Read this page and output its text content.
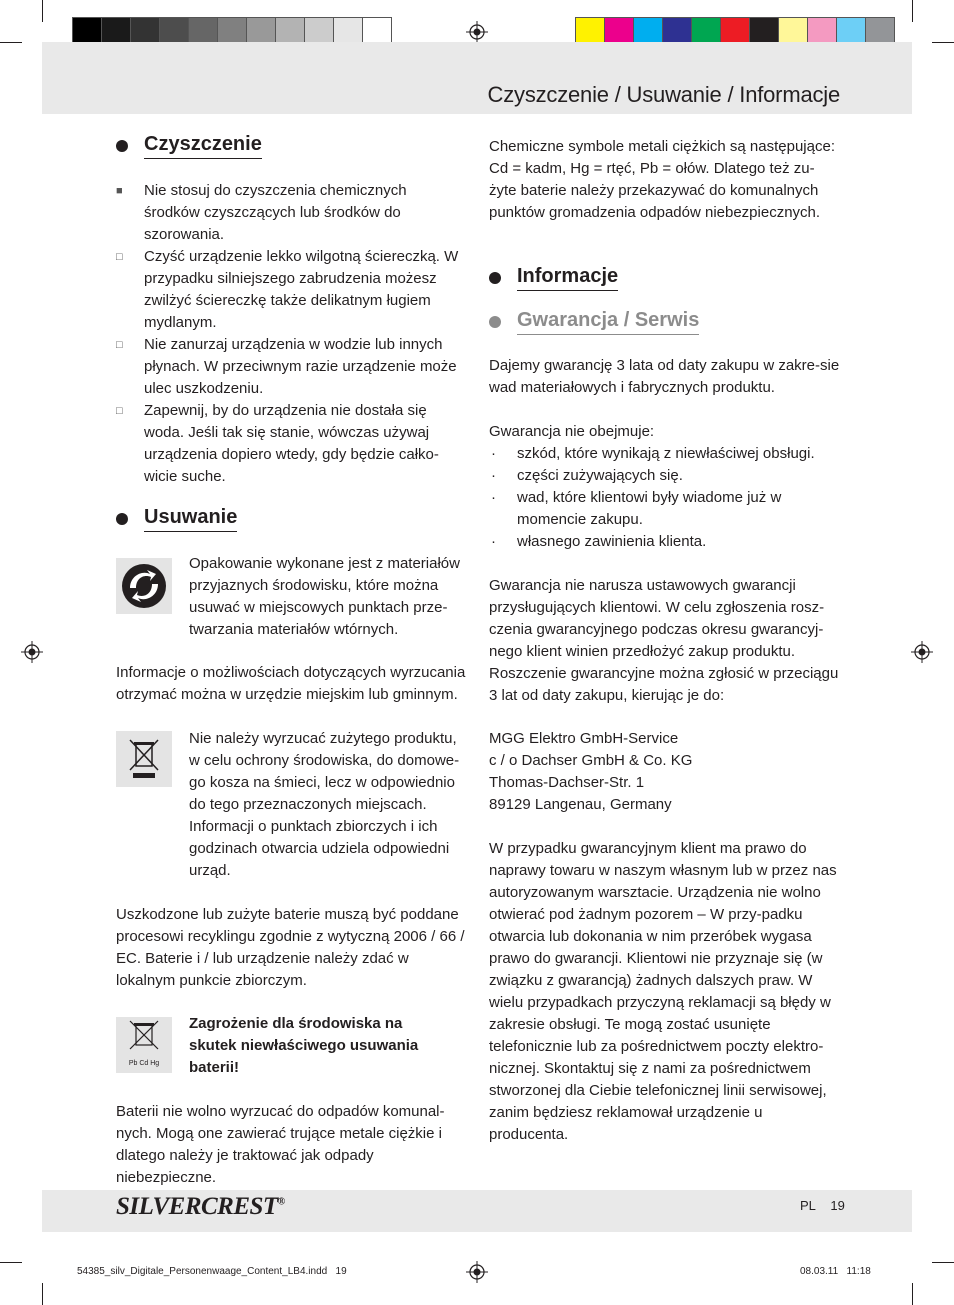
Czyszczenie / Usuwanie / Informacje
Czyszczenie
■ Nie stosuj do czyszczenia chemicznych środków czyszczących lub środków do szorowania.
□ Czyść urządzenie lekko wilgotną ściereczką. W przypadku silniejszego zabrudzenia możesz zwilżyć ściereczkę także delikatnym ługiem mydlanym.
□ Nie zanurzaj urządzenia w wodzie lub innych płynach. W przeciwnym razie urządzenie może ulec uszkodzeniu.
□ Zapewnij, by do urządzenia nie dostała się woda. Jeśli tak się stanie, wówczas używaj urządzenia dopiero wtedy, gdy będzie całko-wicie suche.
Usuwanie
Opakowanie wykonane jest z materiałów przyjaznych środowisku, które można usuwać w miejscowych punktach prze-twarzania materiałów wtórnych.
Informacje o możliwościach dotyczących wyrzucania otrzymać można w urzędzie miejskim lub gminnym.
Nie należy wyrzucać zużytego produktu, w celu ochrony środowiska, do domowe-go kosza na śmieci, lecz w odpowiednio do tego przeznaczonych miejscach. Informacji o punktach zbiorczych i ich godzinach otwarcia udziela odpowiedni urząd.
Uszkodzone lub zużyte baterie muszą być poddane procesowi recyklingu zgodnie z wytyczną 2006 / 66 / EC. Baterie i / lub urządzenie należy zdać w lokalnym punkcie zbiorczym.
Pb Cd Hg
Zagrożenie dla środowiska na skutek niewłaściwego usuwania baterii!
Baterii nie wolno wyrzucać do odpadów komunal-nych. Mogą one zawierać trujące metale ciężkie i dlatego należy je traktować jak odpady niebezpieczne.
Chemiczne symbole metali ciężkich są następujące: Cd = kadm, Hg = rtęć, Pb = ołów. Dlatego też zu-żyte baterie należy przekazywać do komunalnych punktów gromadzenia odpadów niebezpiecznych.
Informacje
Gwarancja / Serwis
Dajemy gwarancję 3 lata od daty zakupu w zakre-sie wad materiałowych i fabrycznych produktu.
Gwarancja nie obejmuje:
· szkód, które wynikają z niewłaściwej obsługi.
· części zużywających się.
· wad, które klientowi były wiadome już w momencie zakupu.
· własnego zawinienia klienta.
Gwarancja nie narusza ustawowych gwarancji przysługujących klientowi. W celu zgłoszenia rosz-czenia gwarancyjnego podczas okresu gwarancyj-nego klient winien przedłożyć zakup produktu. Roszczenie gwarancyjne można zgłosić w przeciągu 3 lat od daty zakupu, kierując je do:

MGG Elektro GmbH-Service

c / o Dachser GmbH & Co. KG

Thomas-Dachser-Str. 1

89129 Langenau, Germany

W przypadku gwarancyjnym klient ma prawo do naprawy towaru w naszym własnym lub w przez nas autoryzowanym warsztacie. Urządzenia nie wolno otwierać pod żadnym pozorem – W przy-padku otwarcia lub dokonania w nim przeróbek wygasa prawo do gwarancji. Klientowi nie przyznaje się (w związku z gwarancją) żadnych dalszych praw. W wielu przypadkach przyczyną reklamacji są błędy w zakresie obsługi. Te mogą zostać usunięte telefonicznie lub za pośrednictwem poczty elektro-nicznej. Skontaktuj się z nami za pośrednictwem stworzonej dla Ciebie telefonicznej linii serwisowej, zanim będziesz reklamował urządzenie u producenta.
SILVERCREST®	PL 19
54385_silv_Digitale_Personenwaage_Content_LB4.indd 19	08.03.11 11:18
